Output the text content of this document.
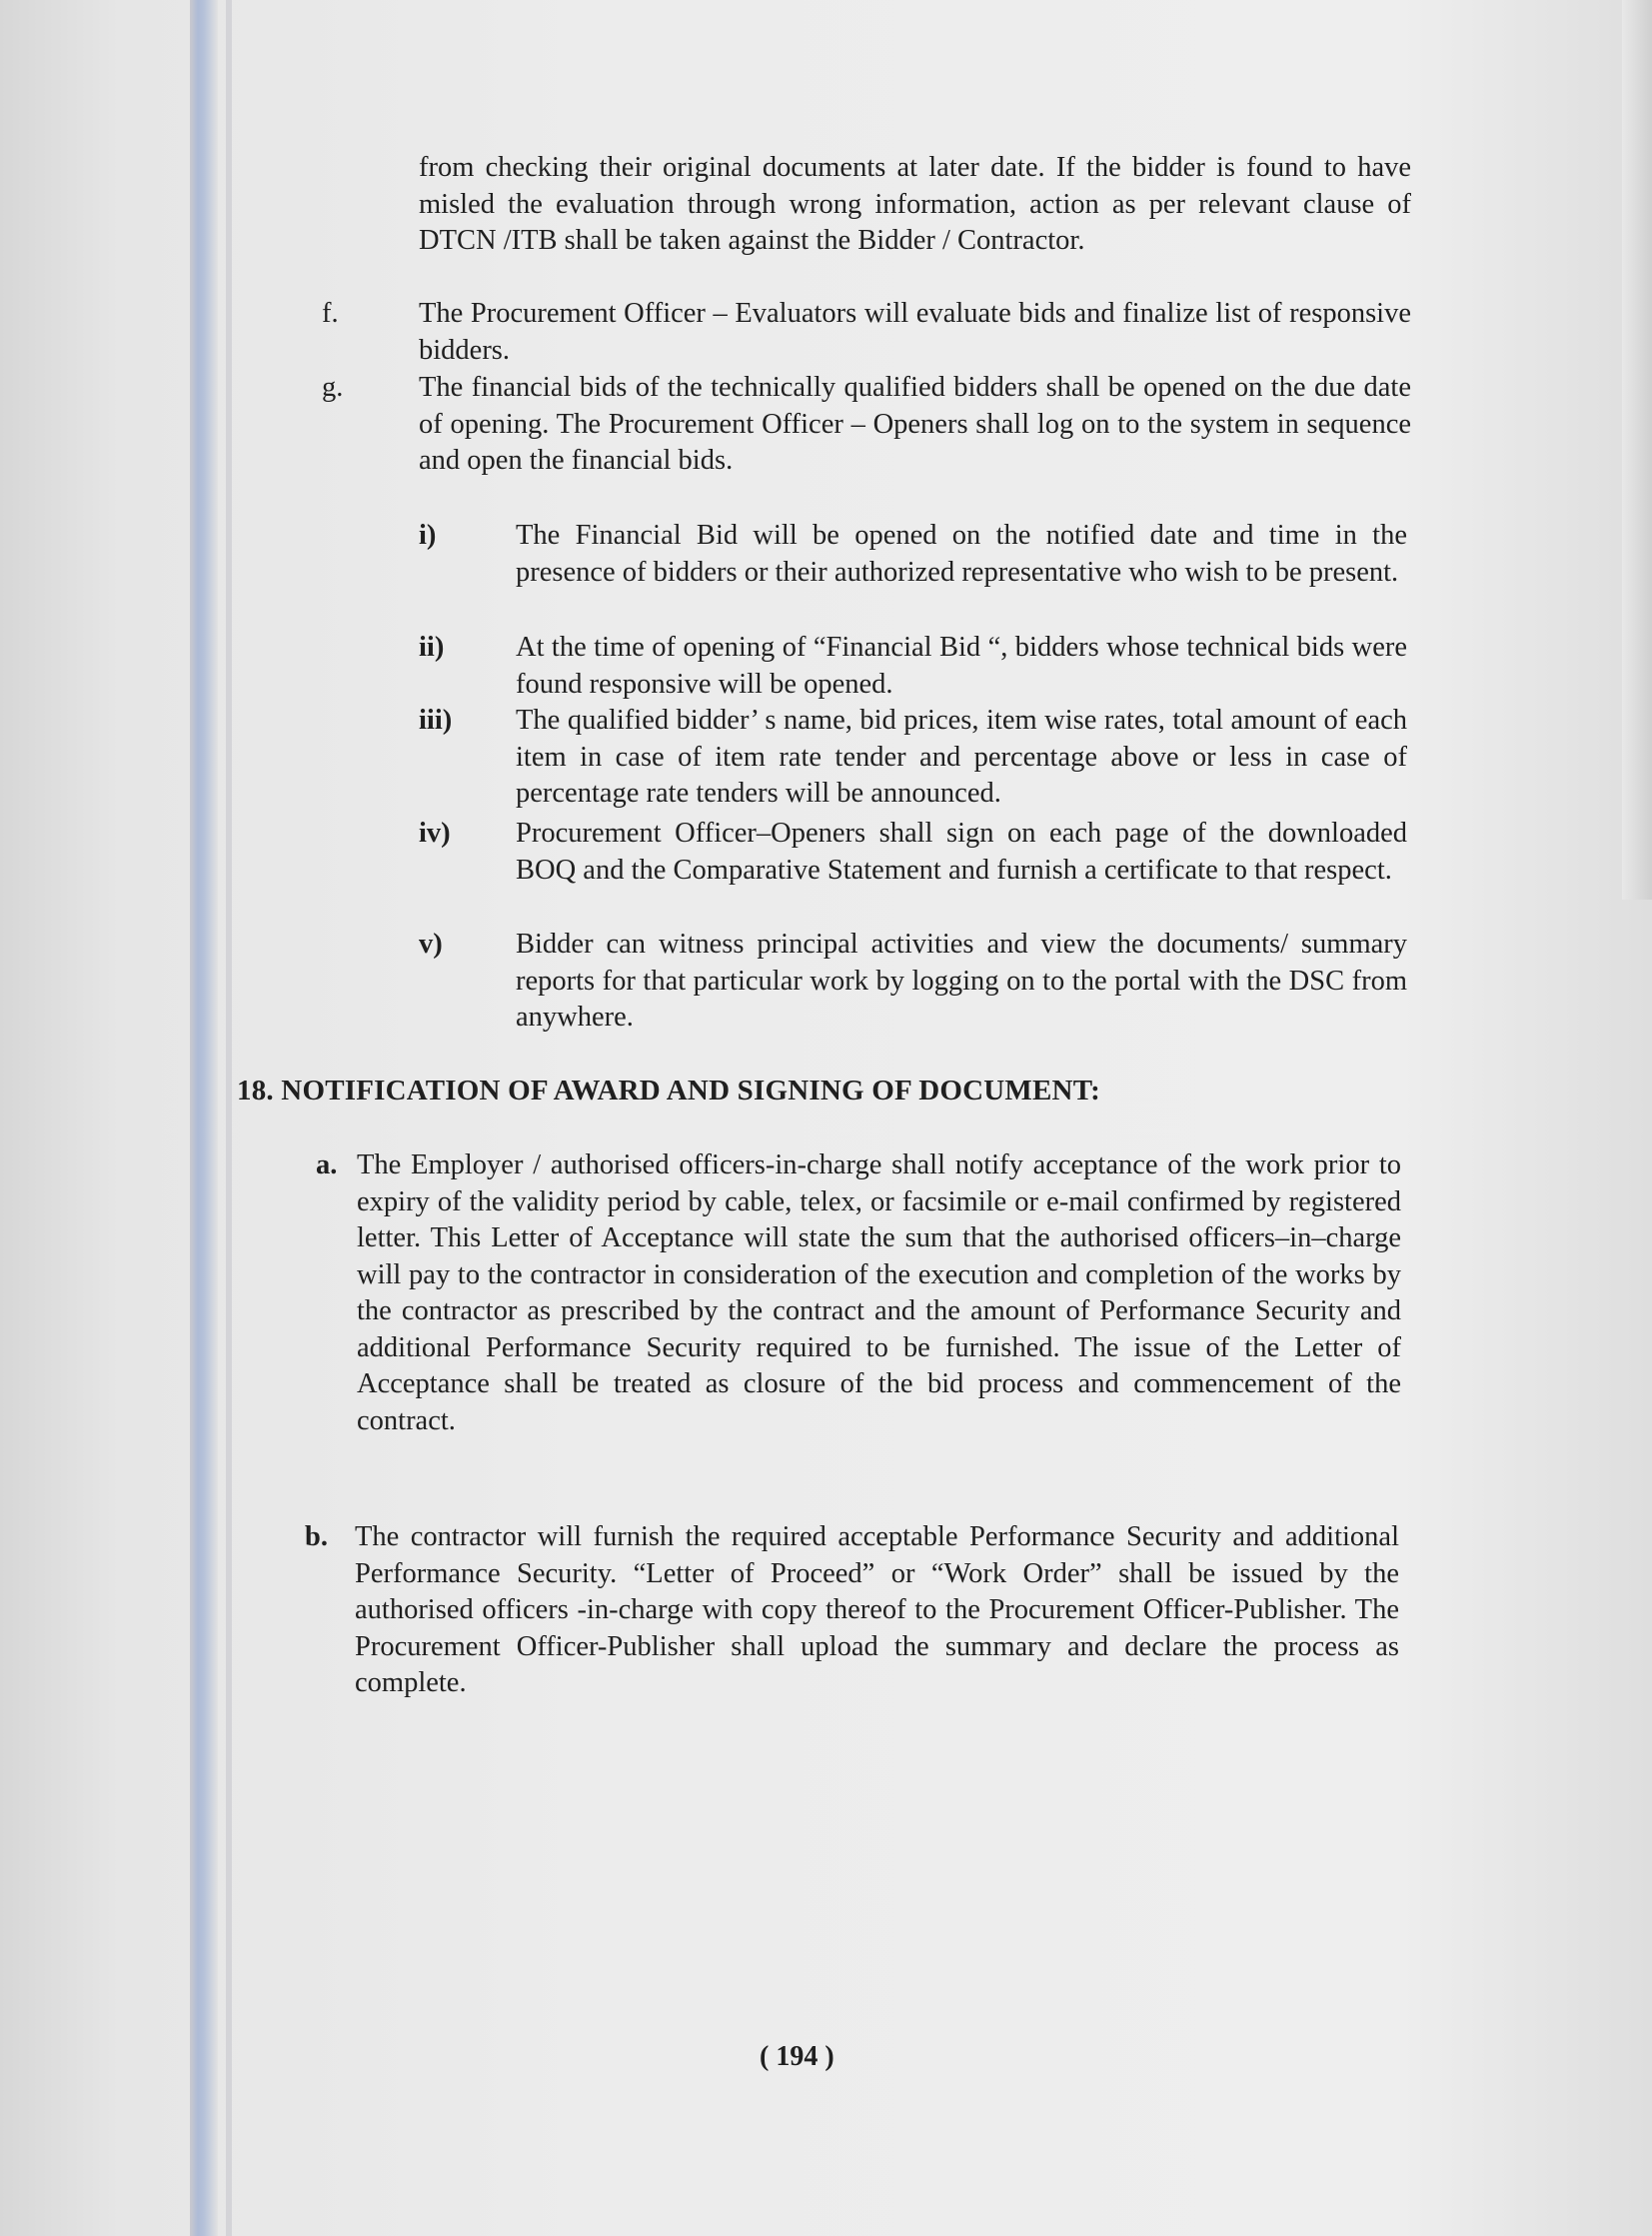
from checking their original documents at later date. If the bidder is found to have misled the evaluation through wrong information, action as per relevant clause of DTCN /ITB shall be taken against the Bidder / Contractor.

f.	The Procurement Officer – Evaluators will evaluate bids and finalize list of responsive bidders.

g.	The financial bids of the technically qualified bidders shall be opened on the due date of opening. The Procurement Officer – Openers shall log on to the system in sequence and open the financial bids.

i)	The Financial Bid will be opened on the notified date and time in the presence of bidders or their authorized representative who wish to be present.

ii)	At the time of opening of “Financial Bid “, bidders whose technical bids were found responsive will be opened.

iii) The qualified bidder’ s name, bid prices, item wise rates, total amount of each item in case of item rate tender and percentage above or less in case of percentage rate tenders will be announced.

iv) Procurement Officer–Openers shall sign on each page of the downloaded BOQ and the Comparative Statement and furnish a certificate to that respect.

v)	Bidder can witness principal activities and view the documents/ summary reports for that particular work by logging on to the portal with the DSC from anywhere.

18. NOTIFICATION OF AWARD AND SIGNING OF DOCUMENT:
a. The Employer / authorised officers-in-charge shall notify acceptance of the work prior to expiry of the validity period by cable, telex, or facsimile or e-mail confirmed by registered letter. This Letter of Acceptance will state the sum that the authorised officers–in–charge will pay to the contractor in consideration of the execution and completion of the works by the contractor as prescribed by the contract and the amount of Performance Security and additional Performance Security required to be furnished. The issue of the Letter of Acceptance shall be treated as closure of the bid process and commencement of the contract.

b. The contractor will furnish the required acceptable Performance Security and additional Performance Security. “Letter of Proceed” or “Work Order” shall be issued by the authorised officers -in-charge with copy thereof to the Procurement Officer-Publisher. The Procurement Officer-Publisher shall upload the summary and declare the process as complete.

( 194 )
